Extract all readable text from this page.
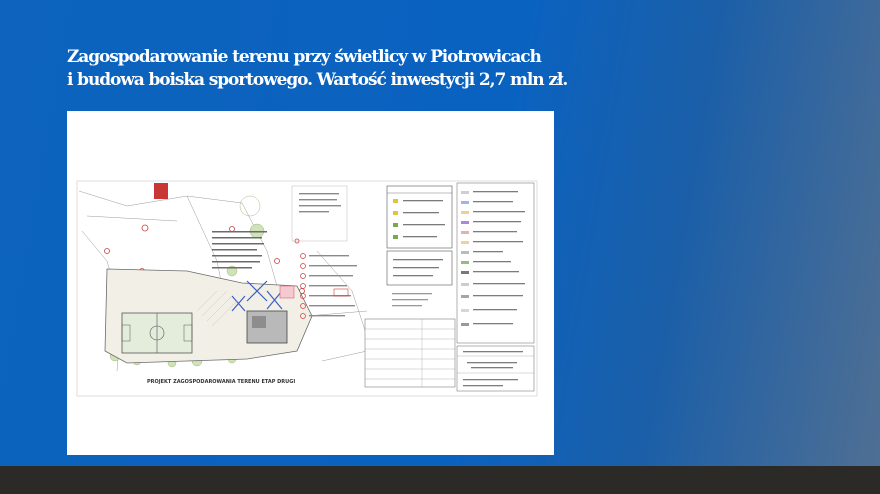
Zagospodarowanie terenu przy świetlicy w Piotrowicach
i budowa boiska sportowego. Wartość inwestycji 2,7 mln zł.
PROJEKT ZAGOSPODAROWANIA TERENU ETAP DRUGI
